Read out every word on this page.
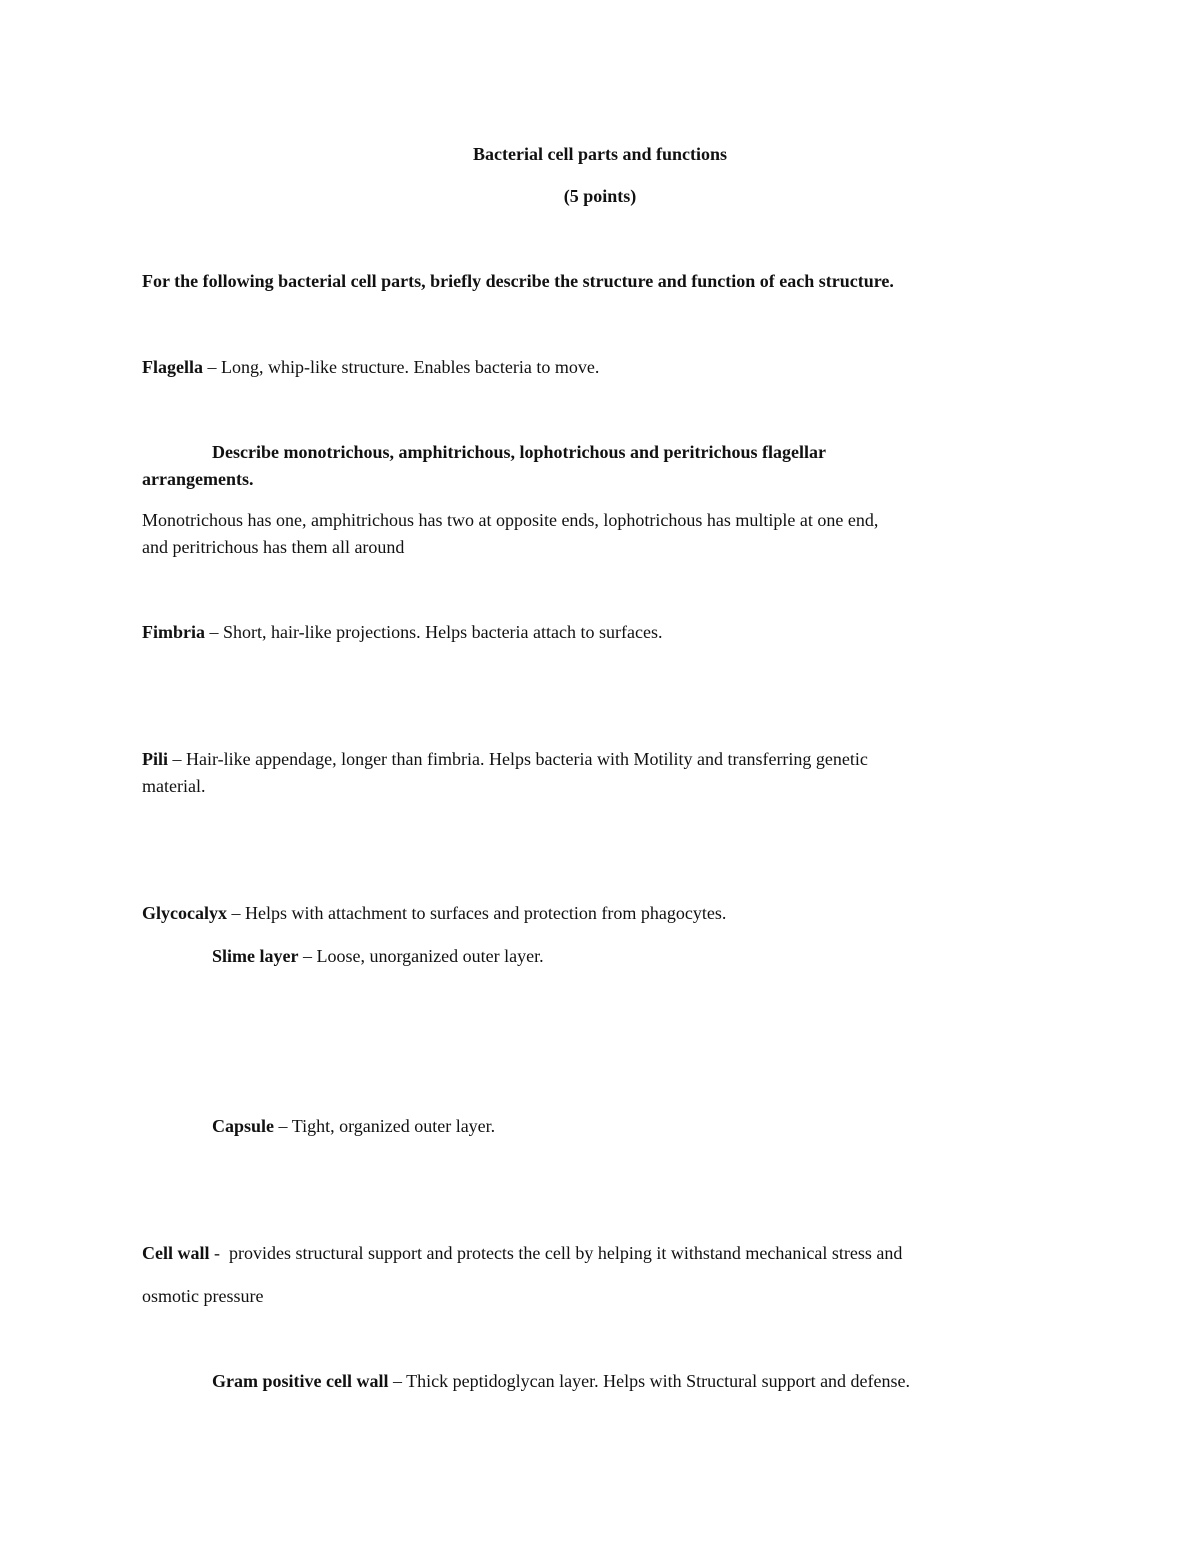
Bacterial cell parts and functions
(5 points)
For the following bacterial cell parts, briefly describe the structure and function of each structure.
Flagella – Long, whip-like structure. Enables bacteria to move.
Describe monotrichous, amphitrichous, lophotrichous and peritrichous flagellar
arrangements.
Monotrichous has one, amphitrichous has two at opposite ends, lophotrichous has multiple at one end,
and peritrichous has them all around
Fimbria – Short, hair-like projections. Helps bacteria attach to surfaces.
Pili – Hair-like appendage, longer than fimbria. Helps bacteria with Motility and transferring genetic
material.
Glycocalyx – Helps with attachment to surfaces and protection from phagocytes.
Slime layer – Loose, unorganized outer layer.
Capsule – Tight, organized outer layer.
Cell wall -  provides structural support and protects the cell by helping it withstand mechanical stress and
osmotic pressure
Gram positive cell wall – Thick peptidoglycan layer. Helps with Structural support and defense.
